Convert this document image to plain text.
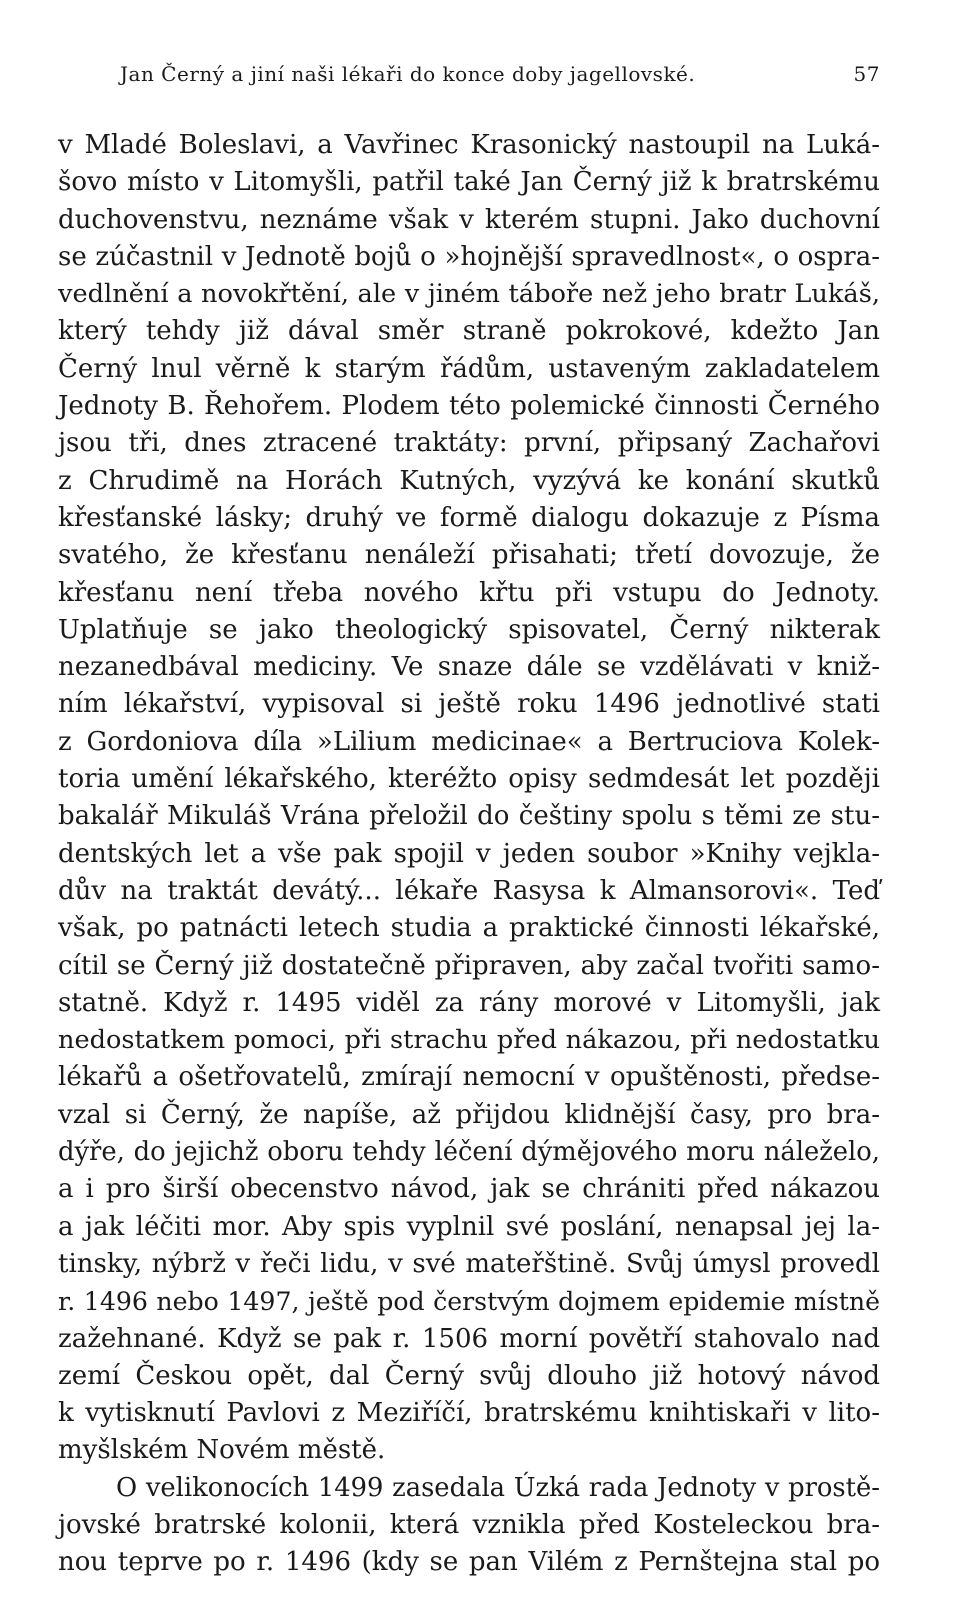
Jan Černý a jiní naši lékaři do konce doby jagellovské.	57
v Mladé Boleslavi, a Vavřinec Krasonický nastoupil na Luká-
šovo místo v Litomyšli, patřil také Jan Černý již k bratrskému
duchovenstvu, neznáme však v kterém stupni. Jako duchovní
se zúčastnil v Jednotě bojů o »hojnější spravedlnost«, o ospra-
vedlnění a novokřtění, ale v jiném táboře než jeho bratr Lukáš,
který tehdy již dával směr straně pokrokové, kdežto Jan
Černý lnul věrně k starým řádům, ustaveným zakladatelem
Jednoty B. Řehořem. Plodem této polemické činnosti Černého
jsou tři, dnes ztracené traktáty: první, připsaný Zachařovi
z Chrudimě na Horách Kutných, vyzývá ke konání skutků
křesťanské lásky; druhý ve formě dialogu dokazuje z Písma
svatého, že křesťanu nenáleží přisahati; třetí dovozuje, že
křesťanu není třeba nového křtu při vstupu do Jednoty.
Uplatňuje se jako theologický spisovatel, Černý nikterak
nezanedbával mediciny. Ve snaze dále se vzdělávati v kniž-
ním lékařství, vypisoval si ještě roku 1496 jednotlivé stati
z Gordoniova díla »Lilium medicinae« a Bertruciova Kolek-
toria umění lékařského, kteréžto opisy sedmdesát let později
bakalář Mikuláš Vrána přeložil do češtiny spolu s těmi ze stu-
dentských let a vše pak spojil v jeden soubor »Knihy vejkla-
dův na traktát devátý... lékaře Rasysa k Almansorovi«. Teď
však, po patnácti letech studia a praktické činnosti lékařské,
cítil se Černý již dostatečně připraven, aby začal tvořiti samo-
statně. Když r. 1495 viděl za rány morové v Litomyšli, jak
nedostatkem pomoci, při strachu před nákazou, při nedostatku
lékařů a ošetřovatelů, zmírají nemocní v opuštěnosti, předse-
vzal si Černý, že napíše, až přijdou klidnější časy, pro bra-
dýře, do jejichž oboru tehdy léčení dýmějového moru náleželo,
a i pro širší obecenstvo návod, jak se chrániti před nákazou
a jak léčiti mor. Aby spis vyplnil své poslání, nenapsal jej la-
tinsky, nýbrž v řeči lidu, v své mateřštině. Svůj úmysl provedl
r. 1496 nebo 1497, ještě pod čerstvým dojmem epidemie místně
zažehnané. Když se pak r. 1506 morní povětří stahovalo nad
zemí Českou opět, dal Černý svůj dlouho již hotový návod
k vytisknutí Pavlovi z Meziříčí, bratrskému knihtiskaři v lito-
myšlském Novém městě.
O velikonocích 1499 zasedala Úzká rada Jednoty v prostě-
jovské bratrské kolonii, která vznikla před Kosteleckou bra-
nou teprve po r. 1496 (kdy se pan Vilém z Pernštejna stal po
